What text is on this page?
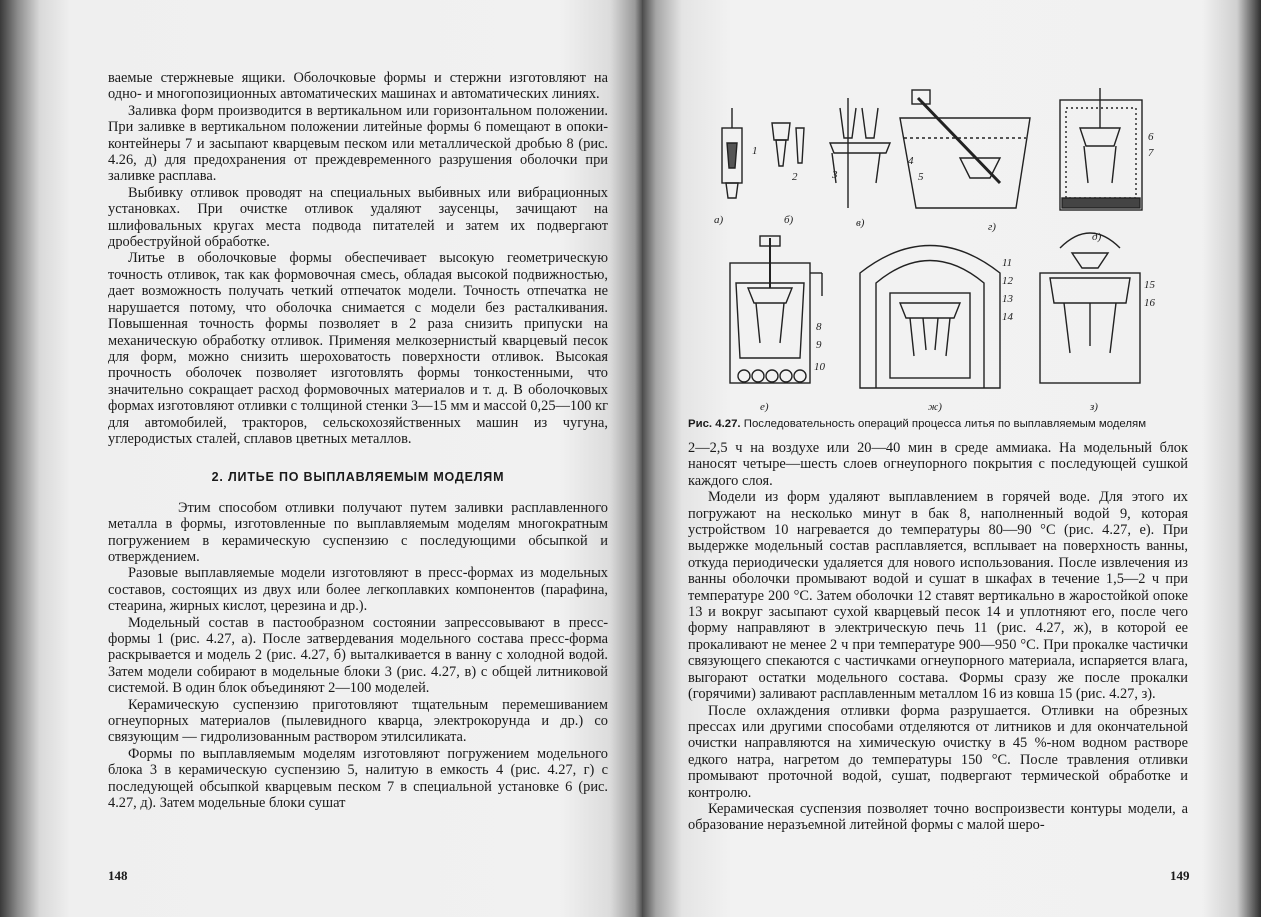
ваемые стержневые ящики. Оболочковые формы и стержни изготовляют на одно- и многопозиционных автоматических машинах и автоматических линиях.

Заливка форм производится в вертикальном или горизонтальном положении. При заливке в вертикальном положении литейные формы 6 помещают в опоки-контейнеры 7 и засыпают кварцевым песком или металлической дробью 8 (рис. 4.26, д) для предохранения от преждевременного разрушения оболочки при заливке расплава.

Выбивку отливок проводят на специальных выбивных или вибрационных установках. При очистке отливок удаляют заусенцы, зачищают на шлифовальных кругах места подвода питателей и затем их подвергают дробеструйной обработке.

Литье в оболочковые формы обеспечивает высокую геометрическую точность отливок, так как формовочная смесь, обладая высокой подвижностью, дает возможность получать четкий отпечаток модели. Точность отпечатка не нарушается потому, что оболочка снимается с модели без расталкивания. Повышенная точность формы позволяет в 2 раза снизить припуски на механическую обработку отливок. Применяя мелкозернистый кварцевый песок для форм, можно снизить шероховатость поверхности отливок. Высокая прочность оболочек позволяет изготовлять формы тонкостенными, что значительно сокращает расход формовочных материалов и т. д. В оболочковых формах изготовляют отливки с толщиной стенки 3—15 мм и массой 0,25—100 кг для автомобилей, тракторов, сельскохозяйственных машин из чугуна, углеродистых сталей, сплавов цветных металлов.

2. ЛИТЬЕ ПО ВЫПЛАВЛЯЕМЫМ МОДЕЛЯМ

Этим способом отливки получают путем заливки расплавленного металла в формы, изготовленные по выплавляемым моделям многократным погружением в керамическую суспензию с последующими обсыпкой и отверждением.

Разовые выплавляемые модели изготовляют в пресс-формах из модельных составов, состоящих из двух или более легкоплавких компонентов (парафина, стеарина, жирных кислот, церезина и др.).

Модельный состав в пастообразном состоянии запрессовывают в пресс-формы 1 (рис. 4.27, а). После затвердевания модельного состава пресс-форма раскрывается и модель 2 (рис. 4.27, б) выталкивается в ванну с холодной водой. Затем модели собирают в модельные блоки 3 (рис. 4.27, в) с общей литниковой системой. В один блок объединяют 2—100 моделей.

Керамическую суспензию приготовляют тщательным перемешиванием огнеупорных материалов (пылевидного кварца, электрокорунда и др.) со связующим — гидролизованным раствором этилсиликата.

Формы по выплавляемым моделям изготовляют погружением модельного блока 3 в керамическую суспензию 5, налитую в емкость 4 (рис. 4.27, г) с последующей обсыпкой кварцевым песком 7 в специальной установке 6 (рис. 4.27, д). Затем модельные блоки сушат

148
а)	б)	в)	г)
д)
е)	ж)	з)
1
2	3
4
5
6
7
8
9
10
11
12
13
14
15
16
Рис. 4.27. Последовательность операций процесса литья по выплавляемым моделям

2—2,5 ч на воздухе или 20—40 мин в среде аммиака. На модельный блок наносят четыре—шесть слоев огнеупорного покрытия с последующей сушкой каждого слоя.

Модели из форм удаляют выплавлением в горячей воде. Для этого их погружают на несколько минут в бак 8, наполненный водой 9, которая устройством 10 нагревается до температуры 80—90 °С (рис. 4.27, е). При выдержке модельный состав расплавляется, всплывает на поверхность ванны, откуда периодически удаляется для нового использования. После извлечения из ванны оболочки промывают водой и сушат в шкафах в течение 1,5—2 ч при температуре 200 °С. Затем оболочки 12 ставят вертикально в жаростойкой опоке 13 и вокруг засыпают сухой кварцевый песок 14 и уплотняют его, после чего форму направляют в электрическую печь 11 (рис. 4.27, ж), в которой ее прокаливают не менее 2 ч при температуре 900—950 °С. При прокалке частички связующего спекаются с частичками огнеупорного материала, испаряется влага, выгорают остатки модельного состава. Формы сразу же после прокалки (горячими) заливают расплавленным металлом 16 из ковша 15 (рис. 4.27, з).

После охлаждения отливки форма разрушается. Отливки на обрезных прессах или другими способами отделяются от литников и для окончательной очистки направляются на химическую очистку в 45 %-ном водном растворе едкого натра, нагретом до температуры 150 °С. После травления отливки промывают проточной водой, сушат, подвергают термической обработке и контролю.

Керамическая суспензия позволяет точно воспроизвести контуры модели, а образование неразъемной литейной формы с малой шеро-

149
